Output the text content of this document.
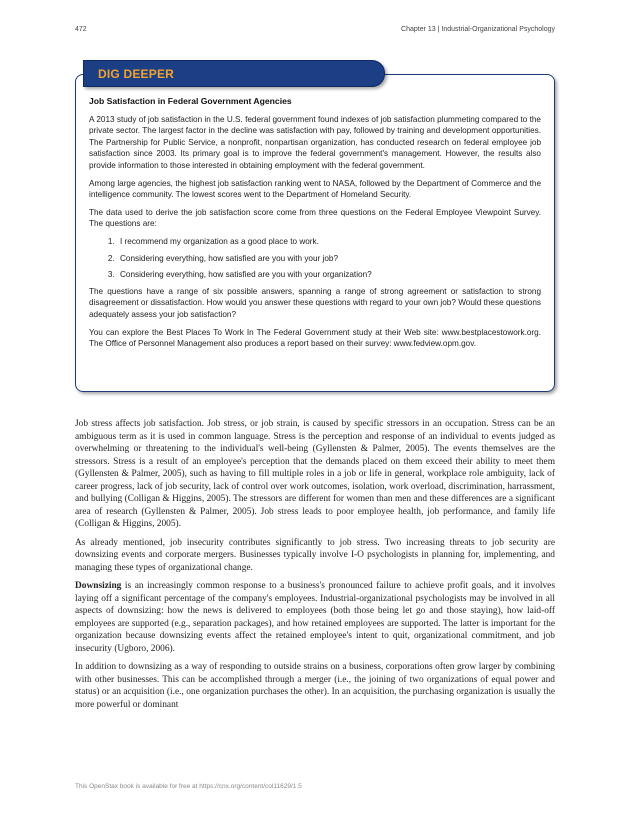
472	Chapter 13 | Industrial-Organizational Psychology
DIG DEEPER
Job Satisfaction in Federal Government Agencies

A 2013 study of job satisfaction in the U.S. federal government found indexes of job satisfaction plummeting compared to the private sector. The largest factor in the decline was satisfaction with pay, followed by training and development opportunities. The Partnership for Public Service, a nonprofit, nonpartisan organization, has conducted research on federal employee job satisfaction since 2003. Its primary goal is to improve the federal government's management. However, the results also provide information to those interested in obtaining employment with the federal government.

Among large agencies, the highest job satisfaction ranking went to NASA, followed by the Department of Commerce and the intelligence community. The lowest scores went to the Department of Homeland Security.

The data used to derive the job satisfaction score come from three questions on the Federal Employee Viewpoint Survey. The questions are:

1. I recommend my organization as a good place to work.
2. Considering everything, how satisfied are you with your job?
3. Considering everything, how satisfied are you with your organization?

The questions have a range of six possible answers, spanning a range of strong agreement or satisfaction to strong disagreement or dissatisfaction. How would you answer these questions with regard to your own job? Would these questions adequately assess your job satisfaction?

You can explore the Best Places To Work In The Federal Government study at their Web site: www.bestplacestowork.org. The Office of Personnel Management also produces a report based on their survey: www.fedview.opm.gov.

Job stress affects job satisfaction. Job stress, or job strain, is caused by specific stressors in an occupation. Stress can be an ambiguous term as it is used in common language. Stress is the perception and response of an individual to events judged as overwhelming or threatening to the individual's well-being (Gyllensten & Palmer, 2005). The events themselves are the stressors. Stress is a result of an employee's perception that the demands placed on them exceed their ability to meet them (Gyllensten & Palmer, 2005), such as having to fill multiple roles in a job or life in general, workplace role ambiguity, lack of career progress, lack of job security, lack of control over work outcomes, isolation, work overload, discrimination, harrassment, and bullying (Colligan & Higgins, 2005). The stressors are different for women than men and these differences are a significant area of research (Gyllensten & Palmer, 2005). Job stress leads to poor employee health, job performance, and family life (Colligan & Higgins, 2005).

As already mentioned, job insecurity contributes significantly to job stress. Two increasing threats to job security are downsizing events and corporate mergers. Businesses typically involve I-O psychologists in planning for, implementing, and managing these types of organizational change.

Downsizing is an increasingly common response to a business's pronounced failure to achieve profit goals, and it involves laying off a significant percentage of the company's employees. Industrial-organizational psychologists may be involved in all aspects of downsizing: how the news is delivered to employees (both those being let go and those staying), how laid-off employees are supported (e.g., separation packages), and how retained employees are supported. The latter is important for the organization because downsizing events affect the retained employee's intent to quit, organizational commitment, and job insecurity (Ugboro, 2006).

In addition to downsizing as a way of responding to outside strains on a business, corporations often grow larger by combining with other businesses. This can be accomplished through a merger (i.e., the joining of two organizations of equal power and status) or an acquisition (i.e., one organization purchases the other). In an acquisition, the purchasing organization is usually the more powerful or dominant

This OpenStax book is available for free at https://cnx.org/content/col11629/1.5
